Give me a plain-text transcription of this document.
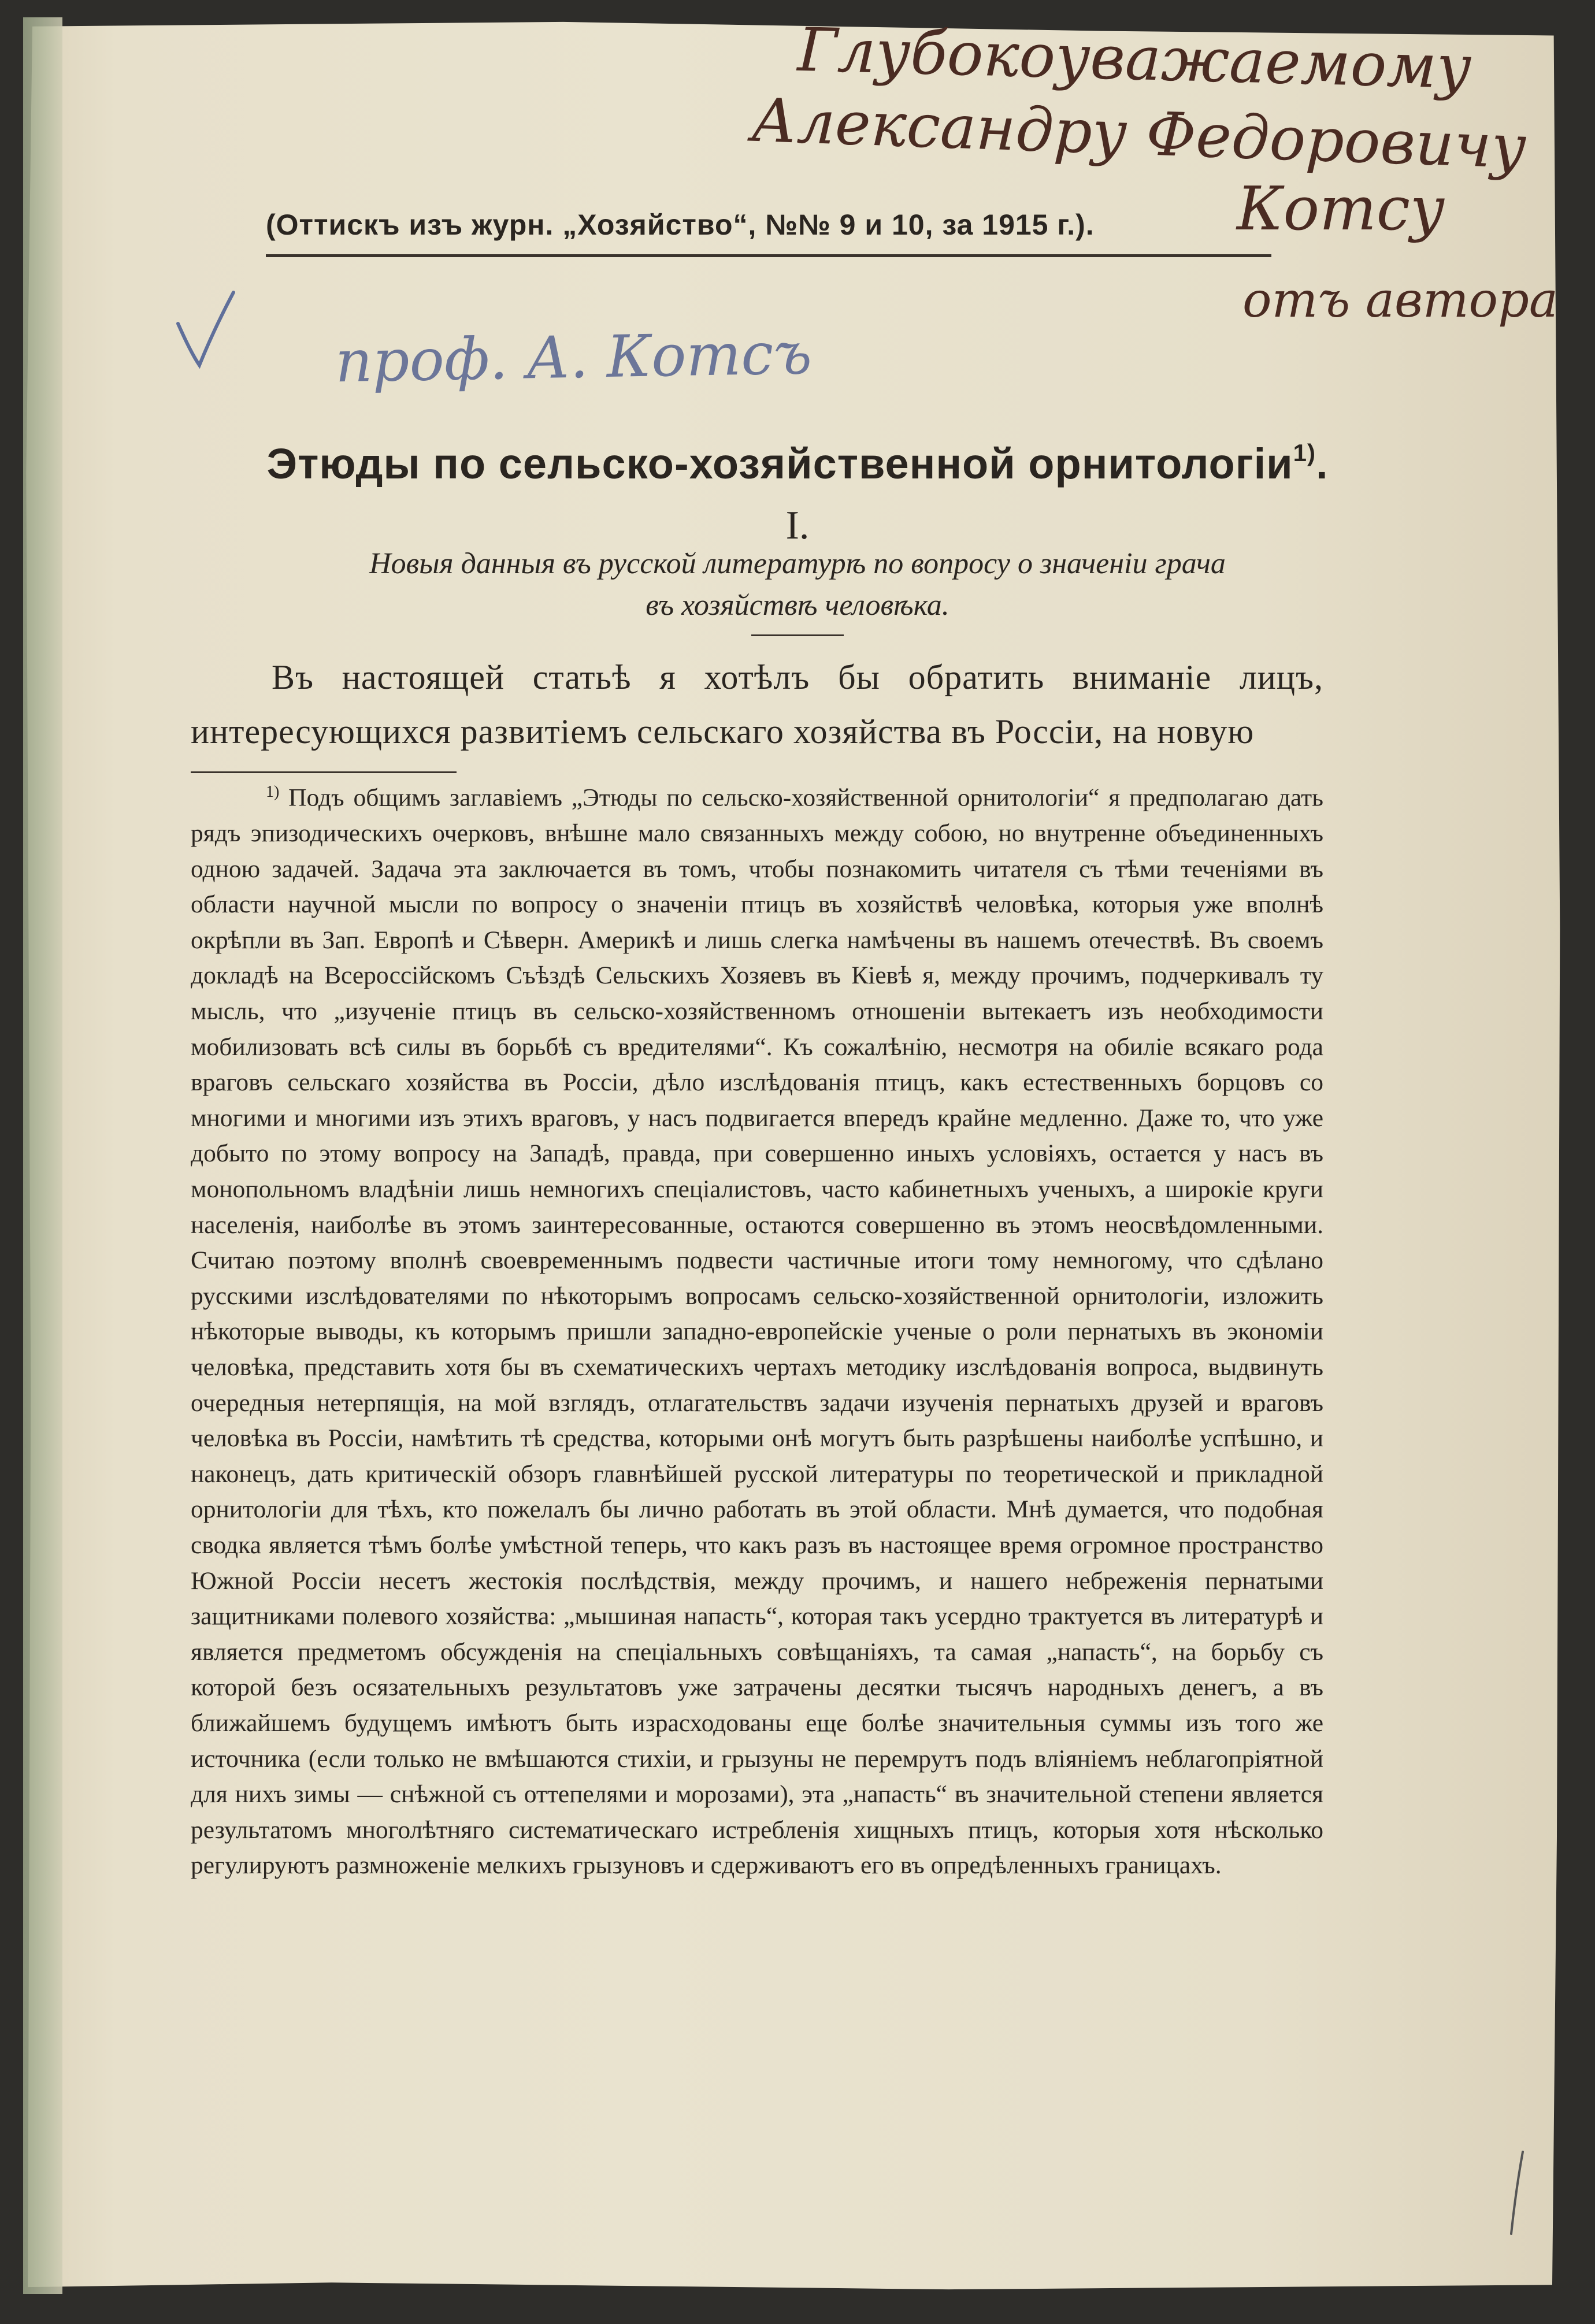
Глубокоуважаемому
Александру Федоровичу
Котсу
отъ автора
проф. А. Котсъ
(Оттискъ изъ журн. „Хозяйство“, №№ 9 и 10, за 1915 г.).
Этюды по сельско-хозяйственной орнитологіи$^{1)}$.
I.
Новыя данныя въ русской литературѣ по вопросу о значеніи грача
въ хозяйствѣ человѣка.
Въ настоящей статьѣ я хотѣлъ бы обратить вниманіе лицъ, интересующихся развитіемъ сельскаго хозяйства въ Россіи, на новую
$^{1)}$ Подъ общимъ заглавіемъ „Этюды по сельско-хозяйственной орнитологіи“ я предполагаю дать рядъ эпизодическихъ очерковъ, внѣшне мало связанныхъ между собою, но внутренне объединенныхъ одною задачей. Задача эта заключается въ томъ, чтобы познакомить читателя съ тѣми теченіями въ области научной мысли по вопросу о значеніи птицъ въ хозяйствѣ человѣка, которыя уже вполнѣ окрѣпли въ Зап. Европѣ и Сѣверн. Америкѣ и лишь слегка намѣчены въ нашемъ отечествѣ. Въ своемъ докладѣ на Всероссійскомъ Съѣздѣ Сельскихъ Хозяевъ въ Кіевѣ я, между прочимъ, подчеркивалъ ту мысль, что „изученіе птицъ въ сельско-хозяйственномъ отношеніи вытекаетъ изъ необходимости мобилизовать всѣ силы въ борьбѣ съ вредителями“. Къ сожалѣнію, несмотря на обиліе всякаго рода враговъ сельскаго хозяйства въ Россіи, дѣло изслѣдованія птицъ, какъ естественныхъ борцовъ со многими и многими изъ этихъ враговъ, у насъ подвигается впередъ крайне медленно. Даже то, что уже добыто по этому вопросу на Западѣ, правда, при совершенно иныхъ условіяхъ, остается у насъ въ монопольномъ владѣніи лишь немногихъ спеціалистовъ, часто кабинетныхъ ученыхъ, а широкіе круги населенія, наиболѣе въ этомъ заинтересованные, остаются совершенно въ этомъ неосвѣдомленными. Считаю поэтому вполнѣ своевременнымъ подвести частичные итоги тому немногому, что сдѣлано русскими изслѣдователями по нѣкоторымъ вопросамъ сельско-хозяйственной орнитологіи, изложить нѣкоторые выводы, къ которымъ пришли западно-европейскіе ученые о роли пернатыхъ въ экономіи человѣка, представить хотя бы въ схематическихъ чертахъ методику изслѣдованія вопроса, выдвинуть очередныя нетерпящія, на мой взглядъ, отлагательствъ задачи изученія пернатыхъ друзей и враговъ человѣка въ Россіи, намѣтить тѣ средства, которыми онѣ могутъ быть разрѣшены наиболѣе успѣшно, и наконецъ, дать критическій обзоръ главнѣйшей русской литературы по теоретической и прикладной орнитологіи для тѣхъ, кто пожелалъ бы лично работать въ этой области. Мнѣ думается, что подобная сводка является тѣмъ болѣе умѣстной теперь, что какъ разъ въ настоящее время огромное пространство Южной Россіи несетъ жестокія послѣдствія, между прочимъ, и нашего небреженія пернатыми защитниками полевого хозяйства: „мышиная напасть“, которая такъ усердно трактуется въ литературѣ и является предметомъ обсужденія на спеціальныхъ совѣщаніяхъ, та самая „напасть“, на борьбу съ которой безъ осязательныхъ результатовъ уже затрачены десятки тысячъ народныхъ денегъ, а въ ближайшемъ будущемъ имѣютъ быть израсходованы еще болѣе значительныя суммы изъ того же источника (если только не вмѣшаются стихіи, и грызуны не перемрутъ подъ вліяніемъ неблагопріятной для нихъ зимы — снѣжной съ оттепелями и морозами), эта „напасть“ въ значительной степени является результатомъ многолѣтняго систематическаго истребленія хищныхъ птицъ, которыя хотя нѣсколько регулируютъ размноженіе мелкихъ грызуновъ и сдерживаютъ его въ опредѣленныхъ границахъ.
